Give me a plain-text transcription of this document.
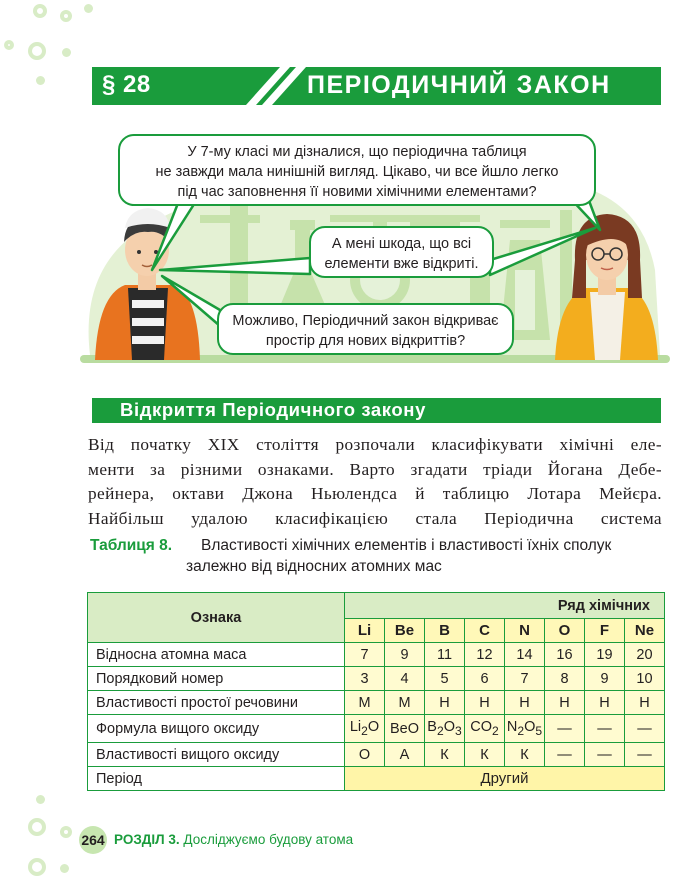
§ 28	ПЕРІОДИЧНИЙ ЗАКОН
У 7-му класі ми дізналися, що періодична таблиця
не завжди мала нинішній вигляд. Цікаво, чи все йшло легко
під час заповнення її новими хімічними елементами?
А мені шкода, що всі
елементи вже відкриті.
Можливо, Періодичний закон відкриває
простір для нових відкриттів?
Відкриття Періодичного закону
Від початку XIX століття розпочали класифікувати хімічні еле-
менти за різними ознаками. Варто згадати тріади Йогана Дебе-
рейнера, октави Джона Ньюлендса й таблицю Лотара Мейєра.
Найбільш удалою класифікацією стала Періодична система
Таблиця 8. Властивості хімічних елементів і властивості їхніх сполук
залежно від відносних атомних мас
Ознака	Ряд хімічних							
	Li	Be	B	C	N	O	F	Ne
Відносна атомна маса	7	9	11	12	14	16	19	20
Порядковий номер	3	4	5	6	7	8	9	10
Властивості простої речовини	М	М	Н	Н	Н	Н	Н	Н
Формула вищого оксиду	$Li_2O$	BeO	$B_2O_3$	$CO_2$	$N_2O_5$	—	—	—
Властивості вищого оксиду	О	А	К	К	К	—	—	—
Період	Другий							
264 РОЗДІЛ 3. Досліджуємо будову атома
